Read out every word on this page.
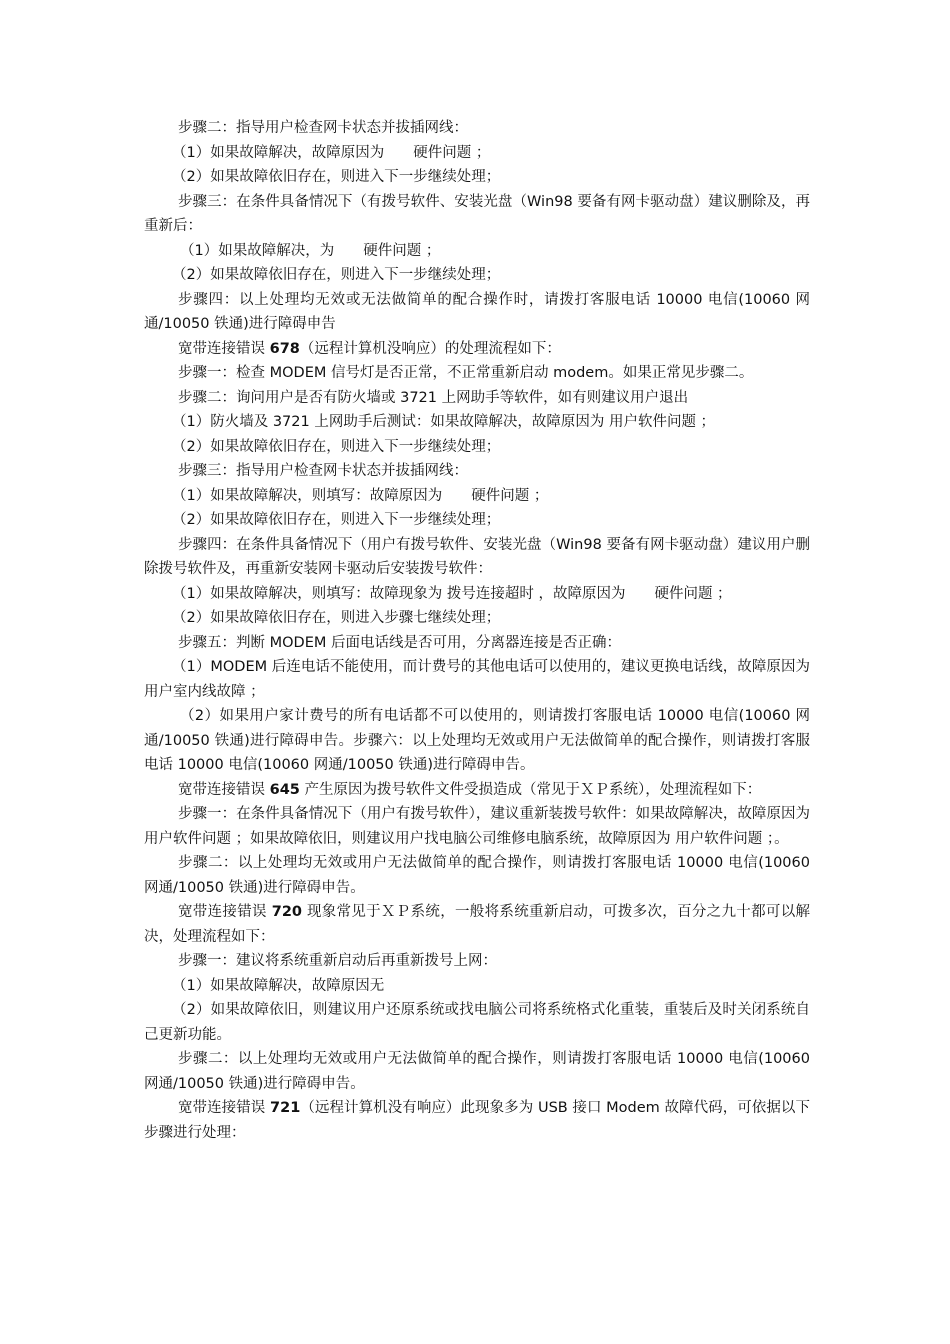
步骤二：指导用户检查网卡状态并拔插网线：

（1）如果故障解决，故障原因为　　硬件问题 ；

（2）如果故障依旧存在，则进入下一步继续处理；

步骤三：在条件具备情况下（有拨号软件、安装光盘（Win98 要备有网卡驱动盘）建议删除及，再重新后：

（1）如果故障解决，为　　硬件问题 ；

（2）如果故障依旧存在，则进入下一步继续处理；

步骤四：以上处理均无效或无法做简单的配合操作时，请拨打客服电话 10000 电信(10060 网通/10050 铁通)进行障碍申告

宽带连接错误 678（远程计算机没响应）的处理流程如下：

步骤一：检查 MODEM 信号灯是否正常，不正常重新启动 modem。如果正常见步骤二。

步骤二：询问用户是否有防火墙或 3721 上网助手等软件，如有则建议用户退出

（1）防火墙及 3721 上网助手后测试：如果故障解决，故障原因为 用户软件问题 ；

（2）如果故障依旧存在，则进入下一步继续处理；

步骤三：指导用户检查网卡状态并拔插网线：

（1）如果故障解决，则填写：故障原因为　　硬件问题 ；

（2）如果故障依旧存在，则进入下一步继续处理；

步骤四：在条件具备情况下（用户有拨号软件、安装光盘（Win98 要备有网卡驱动盘）建议用户删除拨号软件及，再重新安装网卡驱动后安装拨号软件：

（1）如果故障解决，则填写：故障现象为 拨号连接超时 ，故障原因为　　硬件问题 ；

（2）如果故障依旧存在，则进入步骤七继续处理；

步骤五：判断 MODEM 后面电话线是否可用，分离器连接是否正确：

（1）MODEM 后连电话不能使用，而计费号的其他电话可以使用的，建议更换电话线，故障原因为 用户室内线故障 ；

（2）如果用户家计费号的所有电话都不可以使用的，则请拨打客服电话 10000 电信(10060 网通/10050 铁通)进行障碍申告。步骤六：以上处理均无效或用户无法做简单的配合操作，则请拨打客服电话 10000 电信(10060 网通/10050 铁通)进行障碍申告。

宽带连接错误 645 产生原因为拨号软件文件受损造成（常见于ＸＰ系统），处理流程如下：

步骤一：在条件具备情况下（用户有拨号软件），建议重新装拨号软件：如果故障解决，故障原因为 用户软件问题 ；如果故障依旧，则建议用户找电脑公司维修电脑系统，故障原因为 用户软件问题 ；。

步骤二：以上处理均无效或用户无法做简单的配合操作，则请拨打客服电话 10000 电信(10060 网通/10050 铁通)进行障碍申告。

宽带连接错误 720 现象常见于ＸＰ系统，一般将系统重新启动，可拨多次，百分之九十都可以解决，处理流程如下：

步骤一：建议将系统重新启动后再重新拨号上网：

（1）如果故障解决，故障原因无

（2）如果故障依旧，则建议用户还原系统或找电脑公司将系统格式化重装，重装后及时关闭系统自己更新功能。

步骤二：以上处理均无效或用户无法做简单的配合操作，则请拨打客服电话 10000 电信(10060 网通/10050 铁通)进行障碍申告。

宽带连接错误 721（远程计算机没有响应）此现象多为 USB 接口 Modem 故障代码，可依据以下步骤进行处理：
